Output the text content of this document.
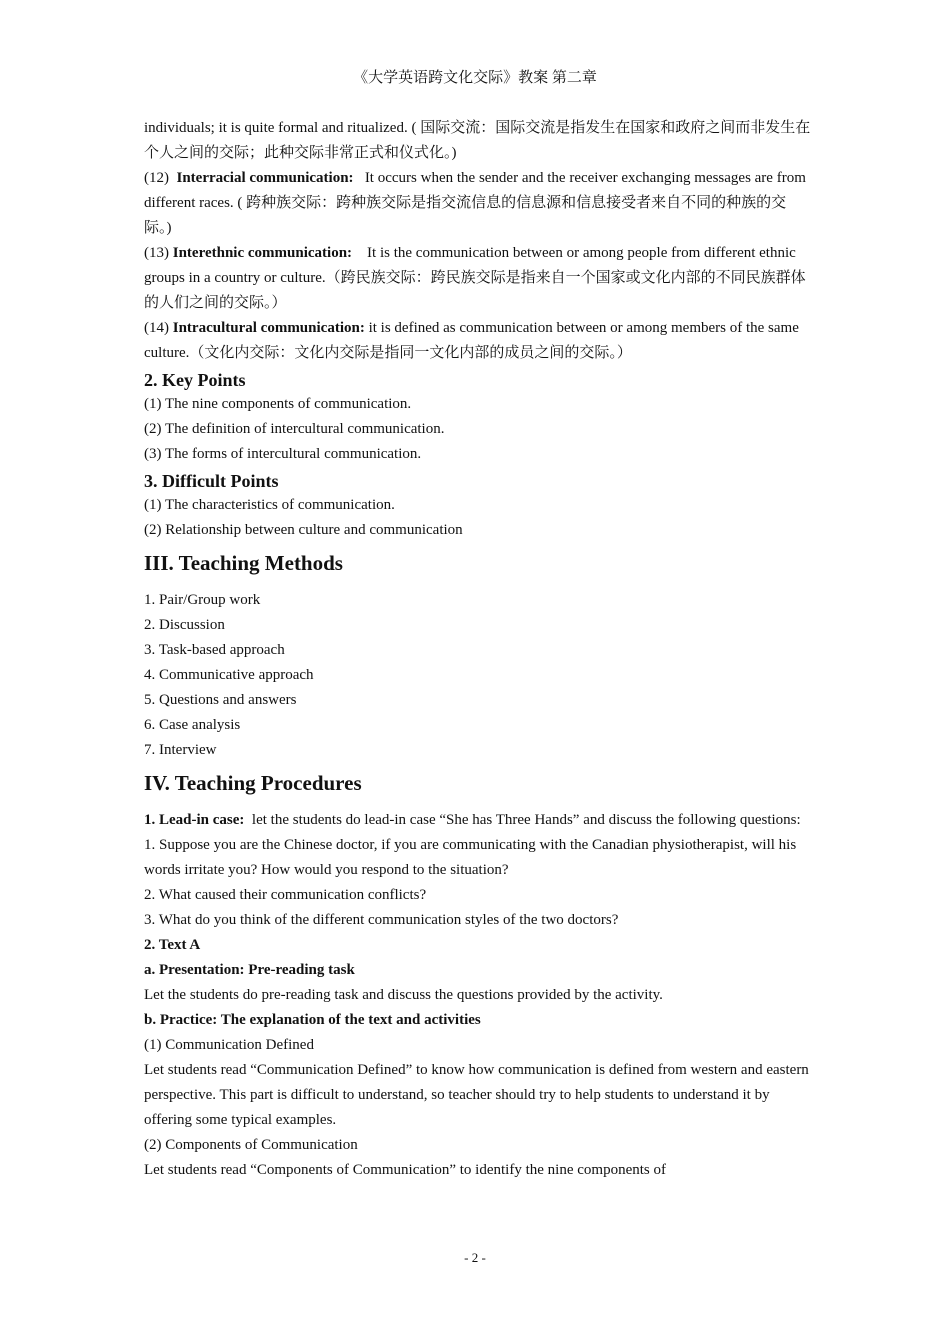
《大学英语跨文化交际》教案 第二章

individuals; it is quite formal and ritualized. ( 国际交流：国际交流是指发生在国家和政府之间而非发生在个人之间的交际；此种交际非常正式和仪式化。)

(12) Interracial communication: It occurs when the sender and the receiver exchanging messages are from different races. ( 跨种族交际：跨种族交际是指交流信息的信息源和信息接受者来自不同的种族的交际。)

(13) Interethnic communication: It is the communication between or among people from different ethnic groups in a country or culture.（跨民族交际：跨民族交际是指来自一个国家或文化内部的不同民族群体的人们之间的交际。）

(14) Intracultural communication: it is defined as communication between or among members of the same culture.（文化内交际：文化内交际是指同一文化内部的成员之间的交际。）

2. Key Points

(1) The nine components of communication.

(2) The definition of intercultural communication.

(3) The forms of intercultural communication.

3. Difficult Points

(1) The characteristics of communication.

(2) Relationship between culture and communication

III. Teaching Methods

1. Pair/Group work

2. Discussion

3. Task-based approach

4. Communicative approach

5. Questions and answers

6. Case analysis

7. Interview

IV. Teaching Procedures

1. Lead-in case: let the students do lead-in case “She has Three Hands” and discuss the following questions:

1. Suppose you are the Chinese doctor, if you are communicating with the Canadian physiotherapist, will his words irritate you? How would you respond to the situation?

2. What caused their communication conflicts?

3. What do you think of the different communication styles of the two doctors?

2. Text A

a. Presentation: Pre-reading task

Let the students do pre-reading task and discuss the questions provided by the activity.

b. Practice: The explanation of the text and activities

(1) Communication Defined

Let students read “Communication Defined” to know how communication is defined from western and eastern perspective. This part is difficult to understand, so teacher should try to help students to understand it by offering some typical examples.

(2) Components of Communication

Let students read “Components of Communication” to identify the nine components of

- 2 -
